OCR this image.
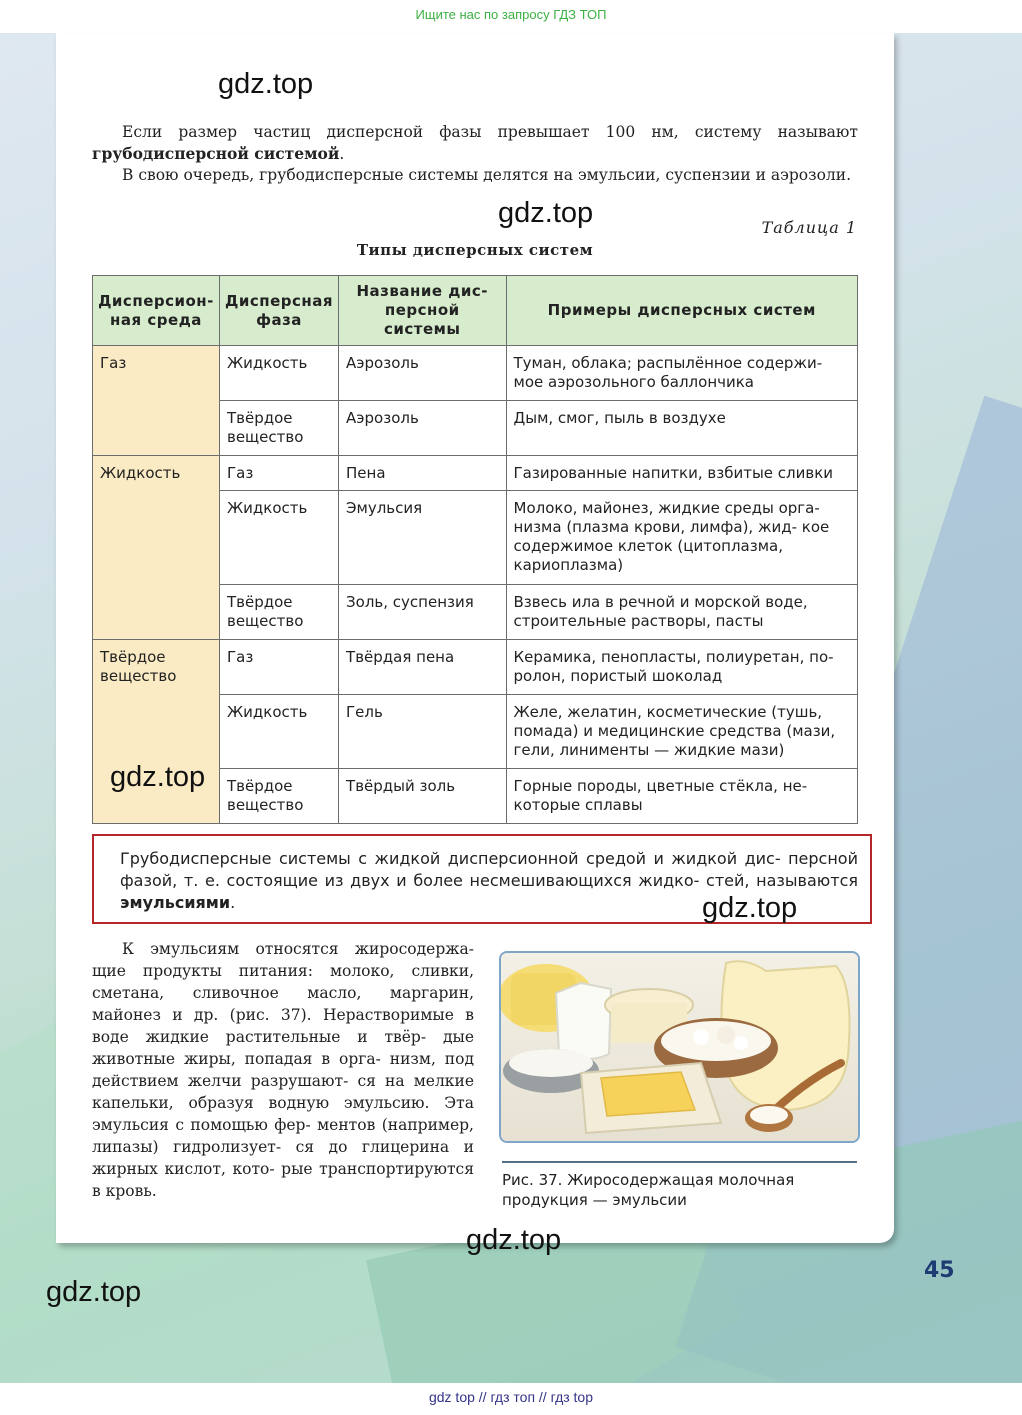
Ищите нас по запросу ГДЗ ТОП

Если размер частиц дисперсной фазы превышает 100 нм, систему называют грубодисперсной системой.

В свою очередь, грубодисперсные системы делятся на эмульсии, суспензии и аэрозоли.

Таблица 1
Типы дисперсных систем
Дисперсион- ная среда	Дисперсная фаза	Название дис- персной системы	Примеры дисперсных систем
Газ	Жидкость	Аэрозоль	Туман, облака; распылённое содержи- мое аэрозольного баллончика
	Твёрдое вещество	Аэрозоль	Дым, смог, пыль в воздухе
Жидкость	Газ	Пена	Газированные напитки, взбитые сливки
	Жидкость	Эмульсия	Молоко, майонез, жидкие среды орга- низма (плазма крови, лимфа), жид- кое содержимое клеток (цитоплазма, кариоплазма)
	Твёрдое вещество	Золь, суспензия	Взвесь ила в речной и морской воде, строительные растворы, пасты
Твёрдое вещество	Газ	Твёрдая пена	Керамика, пенопласты, полиуретан, по- ролон, пористый шоколад
	Жидкость	Гель	Желе, желатин, косметические (тушь, помада) и медицинские средства (мази, гели, линименты — жидкие мази)
	Твёрдое вещество	Твёрдый золь	Горные породы, цветные стёкла, не- которые сплавы
Грубодисперсные системы с жидкой дисперсионной средой и жидкой дис- персной фазой, т. е. состоящие из двух и более несмешивающихся жидко- стей, называются эмульсиями.

К эмульсиям относятся жиросодержа- щие продукты питания: молоко, сливки, сметана, сливочное масло, маргарин, майонез и др. (рис. 37). Нерастворимые в воде жидкие растительные и твёр- дые животные жиры, попадая в орга- низм, под действием желчи разрушают- ся на мелкие капельки, образуя водную эмульсию. Эта эмульсия с помощью фер- ментов (например, липазы) гидролизует- ся до глицерина и жирных кислот, кото- рые транспортируются в кровь.

Рис. 37. Жиросодержащая молочная продукция — эмульсии
45
gdz.top
gdz.top
gdz.top
gdz.top
gdz.top
gdz.top
gdz top // гдз топ // гдз top
